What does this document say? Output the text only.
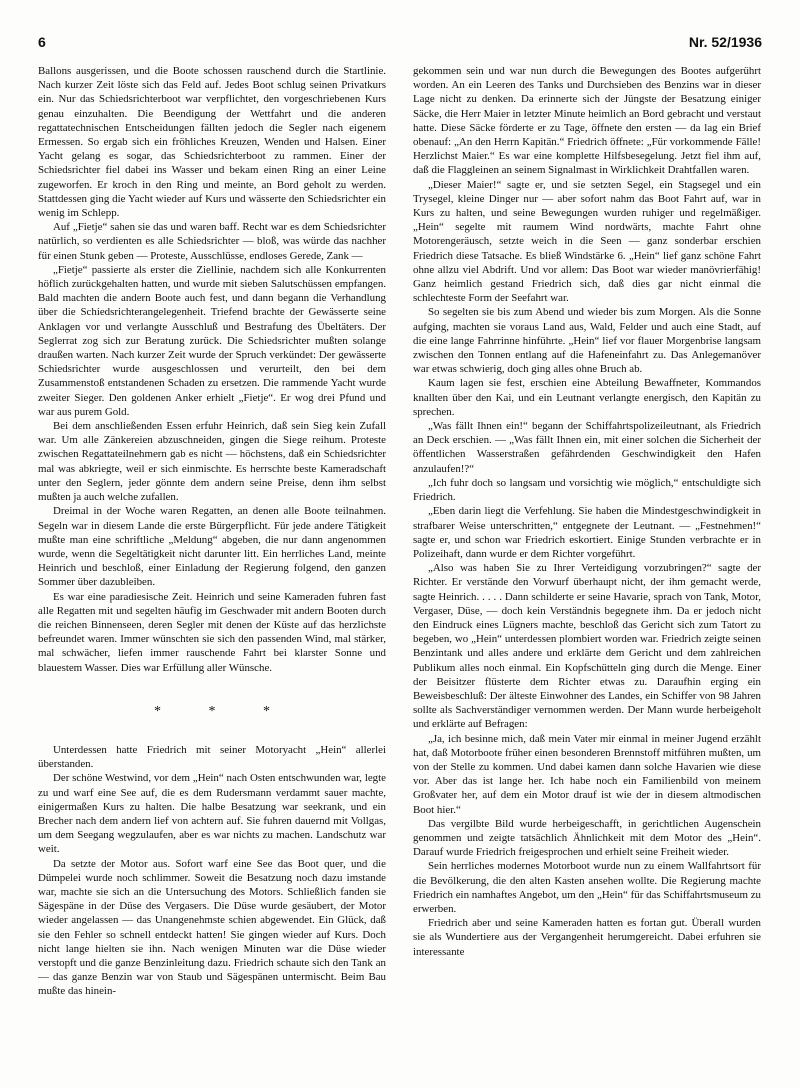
6	Nr. 52/1936

Ballons ausgerissen, und die Boote schossen rauschend durch die Startlinie. Nach kurzer Zeit löste sich das Feld auf. Jedes Boot schlug seinen Privatkurs ein. Nur das Schiedsrichterboot war verpflichtet, den vorgeschriebenen Kurs genau einzuhalten. Die Beendigung der Wettfahrt und die anderen regattatechnischen Entscheidungen fällten jedoch die Segler nach eigenem Ermessen. So ergab sich ein fröhliches Kreuzen, Wenden und Halsen. Einer Yacht gelang es sogar, das Schiedsrichterboot zu rammen. Einer der Schiedsrichter fiel dabei ins Wasser und bekam einen Ring an einer Leine zugeworfen. Er kroch in den Ring und meinte, an Bord geholt zu werden. Stattdessen ging die Yacht wieder auf Kurs und wässerte den Schiedsrichter ein wenig im Schlepp.

Auf „Fietje“ sahen sie das und waren baff. Recht war es dem Schiedsrichter natürlich, so verdienten es alle Schiedsrichter — bloß, was würde das nachher für einen Stunk geben — Proteste, Ausschlüsse, endloses Gerede, Zank —

„Fietje“ passierte als erster die Ziellinie, nachdem sich alle Konkurrenten höflich zurückgehalten hatten, und wurde mit sieben Salutschüssen empfangen. Bald machten die andern Boote auch fest, und dann begann die Verhandlung über die Schiedsrichterangelegenheit. Triefend brachte der Gewässerte seine Anklagen vor und verlangte Ausschluß und Bestrafung des Übeltäters. Der Seglerrat zog sich zur Beratung zurück. Die Schiedsrichter mußten solange draußen warten. Nach kurzer Zeit wurde der Spruch verkündet: Der gewässerte Schiedsrichter wurde ausgeschlossen und verurteilt, den bei dem Zusammenstoß entstandenen Schaden zu ersetzen. Die rammende Yacht wurde zweiter Sieger. Den goldenen Anker erhielt „Fietje“. Er wog drei Pfund und war aus purem Gold.

Bei dem anschließenden Essen erfuhr Heinrich, daß sein Sieg kein Zufall war. Um alle Zänkereien abzuschneiden, gingen die Siege reihum. Proteste zwischen Regattateilnehmern gab es nicht — höchstens, daß ein Schiedsrichter mal was abkriegte, weil er sich einmischte. Es herrschte beste Kameradschaft unter den Seglern, jeder gönnte dem andern seine Preise, denn ihm selbst mußten ja auch welche zufallen.

Dreimal in der Woche waren Regatten, an denen alle Boote teilnahmen. Segeln war in diesem Lande die erste Bürgerpflicht. Für jede andere Tätigkeit mußte man eine schriftliche „Meldung“ abgeben, die nur dann angenommen wurde, wenn die Segeltätigkeit nicht darunter litt. Ein herrliches Land, meinte Heinrich und beschloß, einer Einladung der Regierung folgend, den ganzen Sommer über dazubleiben.

Es war eine paradiesische Zeit. Heinrich und seine Kameraden fuhren fast alle Regatten mit und segelten häufig im Geschwader mit andern Booten durch die reichen Binnenseen, deren Segler mit denen der Küste auf das herzlichste befreundet waren. Immer wünschten sie sich den passenden Wind, mal stärker, mal schwächer, liefen immer rauschende Fahrt bei klarster Sonne und blauestem Wasser. Dies war Erfüllung aller Wünsche.

* * *

Unterdessen hatte Friedrich mit seiner Motoryacht „Hein“ allerlei überstanden.

Der schöne Westwind, vor dem „Hein“ nach Osten entschwunden war, legte zu und warf eine See auf, die es dem Rudersmann verdammt sauer machte, einigermaßen Kurs zu halten. Die halbe Besatzung war seekrank, und ein Brecher nach dem andern lief von achtern auf. Sie fuhren dauernd mit Vollgas, um dem Seegang wegzulaufen, aber es war nichts zu machen. Landschutz war weit.

Da setzte der Motor aus. Sofort warf eine See das Boot quer, und die Dümpelei wurde noch schlimmer. Soweit die Besatzung noch dazu imstande war, machte sie sich an die Untersuchung des Motors. Schließlich fanden sie Sägespäne in der Düse des Vergasers. Die Düse wurde gesäubert, der Motor wieder angelassen — das Unangenehmste schien abgewendet. Ein Glück, daß sie den Fehler so schnell entdeckt hatten! Sie gingen wieder auf Kurs. Doch nicht lange hielten sie ihn. Nach wenigen Minuten war die Düse wieder verstopft und die ganze Benzinleitung dazu. Friedrich schaute sich den Tank an — das ganze Benzin war von Staub und Sägespänen untermischt. Beim Bau mußte das hinein-

gekommen sein und war nun durch die Bewegungen des Bootes aufgerührt worden. An ein Leeren des Tanks und Durchsieben des Benzins war in dieser Lage nicht zu denken. Da erinnerte sich der Jüngste der Besatzung einiger Säcke, die Herr Maier in letzter Minute heimlich an Bord gebracht und verstaut hatte. Diese Säcke förderte er zu Tage, öffnete den ersten — da lag ein Brief obenauf: „An den Herrn Kapitän.“ Friedrich öffnete: „Für vorkommende Fälle! Herzlichst Maier.“ Es war eine komplette Hilfsbesegelung. Jetzt fiel ihm auf, daß die Flaggleinen an seinem Signalmast in Wirklichkeit Drahtfallen waren.

„Dieser Maier!“ sagte er, und sie setzten Segel, ein Stagsegel und ein Trysegel, kleine Dinger nur — aber sofort nahm das Boot Fahrt auf, war in Kurs zu halten, und seine Bewegungen wurden ruhiger und regelmäßiger. „Hein“ segelte mit raumem Wind nordwärts, machte Fahrt ohne Motorengeräusch, setzte weich in die Seen — ganz sonderbar erschien Friedrich diese Tatsache. Es bließ Windstärke 6. „Hein“ lief ganz schöne Fahrt ohne allzu viel Abdrift. Und vor allem: Das Boot war wieder manövrierfähig! Ganz heimlich gestand Friedrich sich, daß dies gar nicht einmal die schlechteste Form der Seefahrt war.

So segelten sie bis zum Abend und wieder bis zum Morgen. Als die Sonne aufging, machten sie voraus Land aus, Wald, Felder und auch eine Stadt, auf die eine lange Fahrrinne hinführte. „Hein“ lief vor flauer Morgenbrise langsam zwischen den Tonnen entlang auf die Hafeneinfahrt zu. Das Anlegemanöver war etwas schwierig, doch ging alles ohne Bruch ab.

Kaum lagen sie fest, erschien eine Abteilung Bewaffneter, Kommandos knallten über den Kai, und ein Leutnant verlangte energisch, den Kapitän zu sprechen.

„Was fällt Ihnen ein!“ begann der Schiffahrtspolizeileutnant, als Friedrich an Deck erschien. — „Was fällt Ihnen ein, mit einer solchen die Sicherheit der öffentlichen Wasserstraßen gefährdenden Geschwindigkeit den Hafen anzulaufen!?“

„Ich fuhr doch so langsam und vorsichtig wie möglich,“ entschuldigte sich Friedrich.

„Eben darin liegt die Verfehlung. Sie haben die Mindestgeschwindigkeit in strafbarer Weise unterschritten,“ entgegnete der Leutnant. — „Festnehmen!“ sagte er, und schon war Friedrich eskortiert. Einige Stunden verbrachte er in Polizeihaft, dann wurde er dem Richter vorgeführt.

„Also was haben Sie zu Ihrer Verteidigung vorzubringen?“ sagte der Richter. Er verstände den Vorwurf überhaupt nicht, der ihm gemacht werde, sagte Heinrich. . . . . Dann schilderte er seine Havarie, sprach von Tank, Motor, Vergaser, Düse, — doch kein Verständnis begegnete ihm. Da er jedoch nicht den Eindruck eines Lügners machte, beschloß das Gericht sich zum Tatort zu begeben, wo „Hein“ unterdessen plombiert worden war. Friedrich zeigte seinen Benzintank und alles andere und erklärte dem Gericht und dem zahlreichen Publikum alles noch einmal. Ein Kopfschütteln ging durch die Menge. Einer der Beisitzer flüsterte dem Richter etwas zu. Daraufhin erging ein Beweisbeschluß: Der älteste Einwohner des Landes, ein Schiffer von 98 Jahren sollte als Sachverständiger vernommen werden. Der Mann wurde herbeigeholt und erklärte auf Befragen:

„Ja, ich besinne mich, daß mein Vater mir einmal in meiner Jugend erzählt hat, daß Motorboote früher einen besonderen Brennstoff mitführen mußten, um von der Stelle zu kommen. Und dabei kamen dann solche Havarien wie diese vor. Aber das ist lange her. Ich habe noch ein Familienbild von meinem Großvater her, auf dem ein Motor drauf ist wie der in diesem altmodischen Boot hier.“

Das vergilbte Bild wurde herbeigeschafft, in gerichtlichen Augenschein genommen und zeigte tatsächlich Ähnlichkeit mit dem Motor des „Hein“. Darauf wurde Friedrich freigesprochen und erhielt seine Freiheit wieder.

Sein herrliches modernes Motorboot wurde nun zu einem Wallfahrtsort für die Bevölkerung, die den alten Kasten ansehen wollte. Die Regierung machte Friedrich ein namhaftes Angebot, um den „Hein“ für das Schiffahrtsmuseum zu erwerben.

Friedrich aber und seine Kameraden hatten es fortan gut. Überall wurden sie als Wundertiere aus der Vergangenheit herumgereicht. Dabei erfuhren sie interessante
